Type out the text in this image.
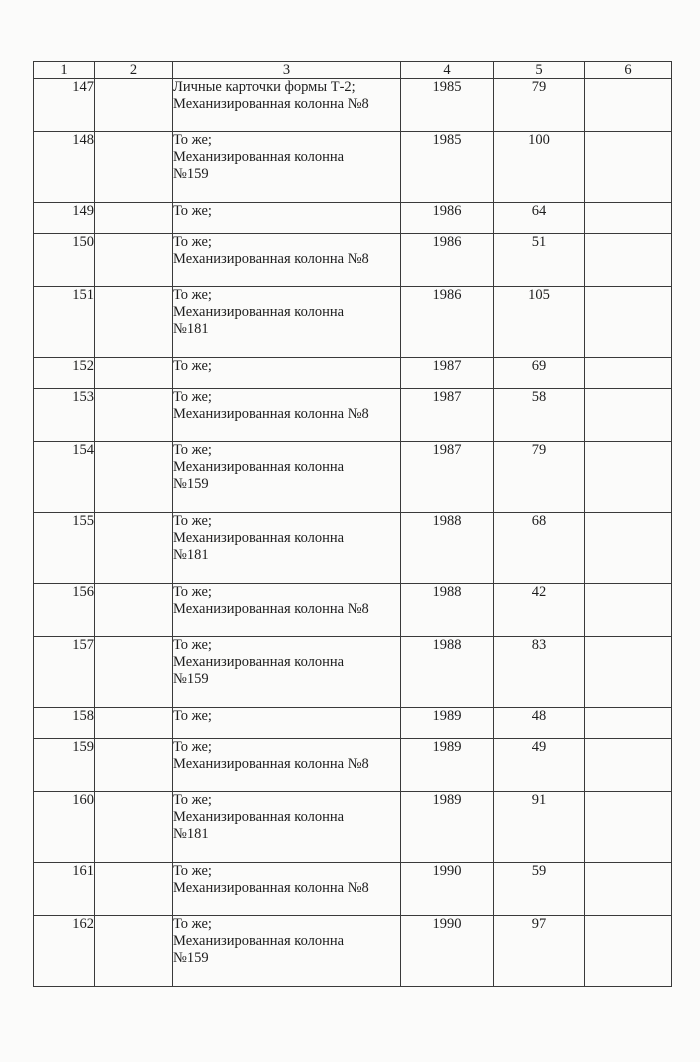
1	2	3	4	5	6
147		Личные карточки формы Т-2;
Механизированная колонна №8	1985	79	
148		То же;
Механизированная колонна
№159	1985	100	
149		То же;	1986	64	
150		То же;
Механизированная колонна №8	1986	51	
151		То же;
Механизированная колонна
№181	1986	105	
152		То же;	1987	69	
153		То же;
Механизированная колонна №8	1987	58	
154		То же;
Механизированная колонна
№159	1987	79	
155		То же;
Механизированная колонна
№181	1988	68	
156		То же;
Механизированная колонна №8	1988	42	
157		То же;
Механизированная колонна
№159	1988	83	
158		То же;	1989	48	
159		То же;
Механизированная колонна №8	1989	49	
160		То же;
Механизированная колонна
№181	1989	91	
161		То же;
Механизированная колонна №8	1990	59	
162		То же;
Механизированная колонна
№159	1990	97	
